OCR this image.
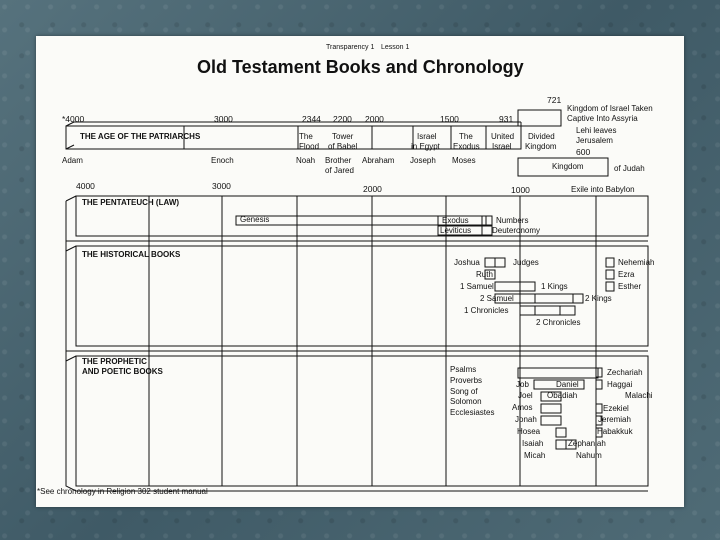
Transparency 1 Lesson 1
Old Testament Books and Chronology
*4000	3000	2344 2200 2000	1500	931
721
600
THE AGE OF THE PATRIARCHS	The
Flood
Tower
of Babel
Israel
in Egypt
The
Exodus
United
Israel
Divided
Kingdom
Kingdom of Israel Taken
Captive Into Assyria
Lehi leaves
Jerusalem
Kingdom	of Judah
Exile into Babylon
Adam	Enoch	Noah Brother
of Jared
Abraham Joseph Moses
4000	3000	2000	1000
THE PENTATEUCH (LAW)
Genesis	Exodus
Leviticus
Numbers
Deuteronomy
THE HISTORICAL BOOKS
Joshua	Judges
Ruth
1 Samuel	1 Kings
2 Samuel	2 Kings
1 Chronicles
2 Chronicles
Nehemiah
Ezra
Esther
THE PROPHETIC
AND POETIC BOOKS	Psalms
Proverbs
Song of
Solomon
Ecclesiastes
Job	Daniel
Joel Obadiah
Amos
Jonah
Hosea
Isaiah
Micah
Zechariah
Haggai
Malachi
Ezekiel
Jeremiah
Habakkuk
Zephaniah
Nahum
*See chronology in Religion 302 student manual
